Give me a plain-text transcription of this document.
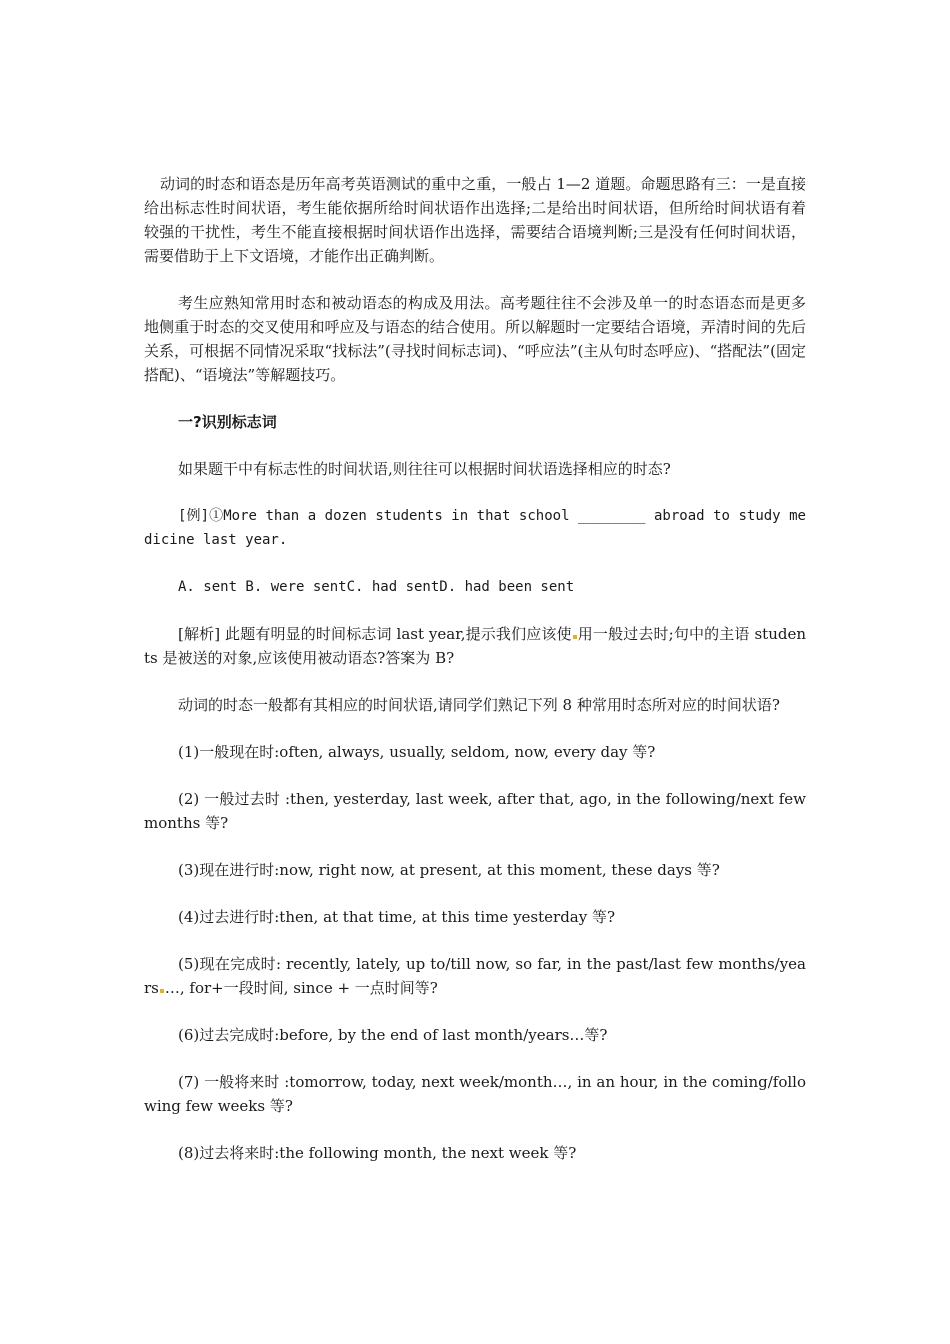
动词的时态和语态是历年高考英语测试的重中之重，一般占 1—2 道题。命题思路有三：一是直接给出标志性时间状语，考生能依据所给时间状语作出选择;二是给出时间状语，但所给时间状语有着较强的干扰性，考生不能直接根据时间状语作出选择，需要结合语境判断;三是没有任何时间状语，需要借助于上下文语境，才能作出正确判断。

考生应熟知常用时态和被动语态的构成及用法。高考题往往不会涉及单一的时态语态而是更多地侧重于时态的交叉使用和呼应及与语态的结合使用。所以解题时一定要结合语境，弄清时间的先后关系，可根据不同情况采取“找标法”(寻找时间标志词)、“呼应法”(主从句时态呼应)、“搭配法”(固定搭配)、“语境法”等解题技巧。

一?识别标志词

如果题干中有标志性的时间状语,则往往可以根据时间状语选择相应的时态?

[例]①More than a dozen students in that school ________ abroad to study medicine last year.

A. sent B. were sentC. had sentD. had been sent

[解析] 此题有明显的时间标志词 last year,提示我们应该使 用一般过去时;句中的主语 students 是被送的对象,应该使用被动语态?答案为 B?

动词的时态一般都有其相应的时间状语,请同学们熟记下列 8 种常用时态所对应的时间状语?

(1)一般现在时:often, always, usually, seldom, now, every day 等?

(2) 一般过去时 :then, yesterday, last week, after that, ago, in the following/next few months 等?

(3)现在进行时:now, right now, at present, at this moment, these days 等?

(4)过去进行时:then, at that time, at this time yesterday 等?

(5)现在完成时: recently, lately, up to/till now, so far, in the past/last few months/years …, for+一段时间, since + 一点时间等?

(6)过去完成时:before, by the end of last month/years…等?

(7) 一般将来时 :tomorrow, today, next week/month…, in an hour, in the coming/following few weeks 等?

(8)过去将来时:the following month, the next week 等?
